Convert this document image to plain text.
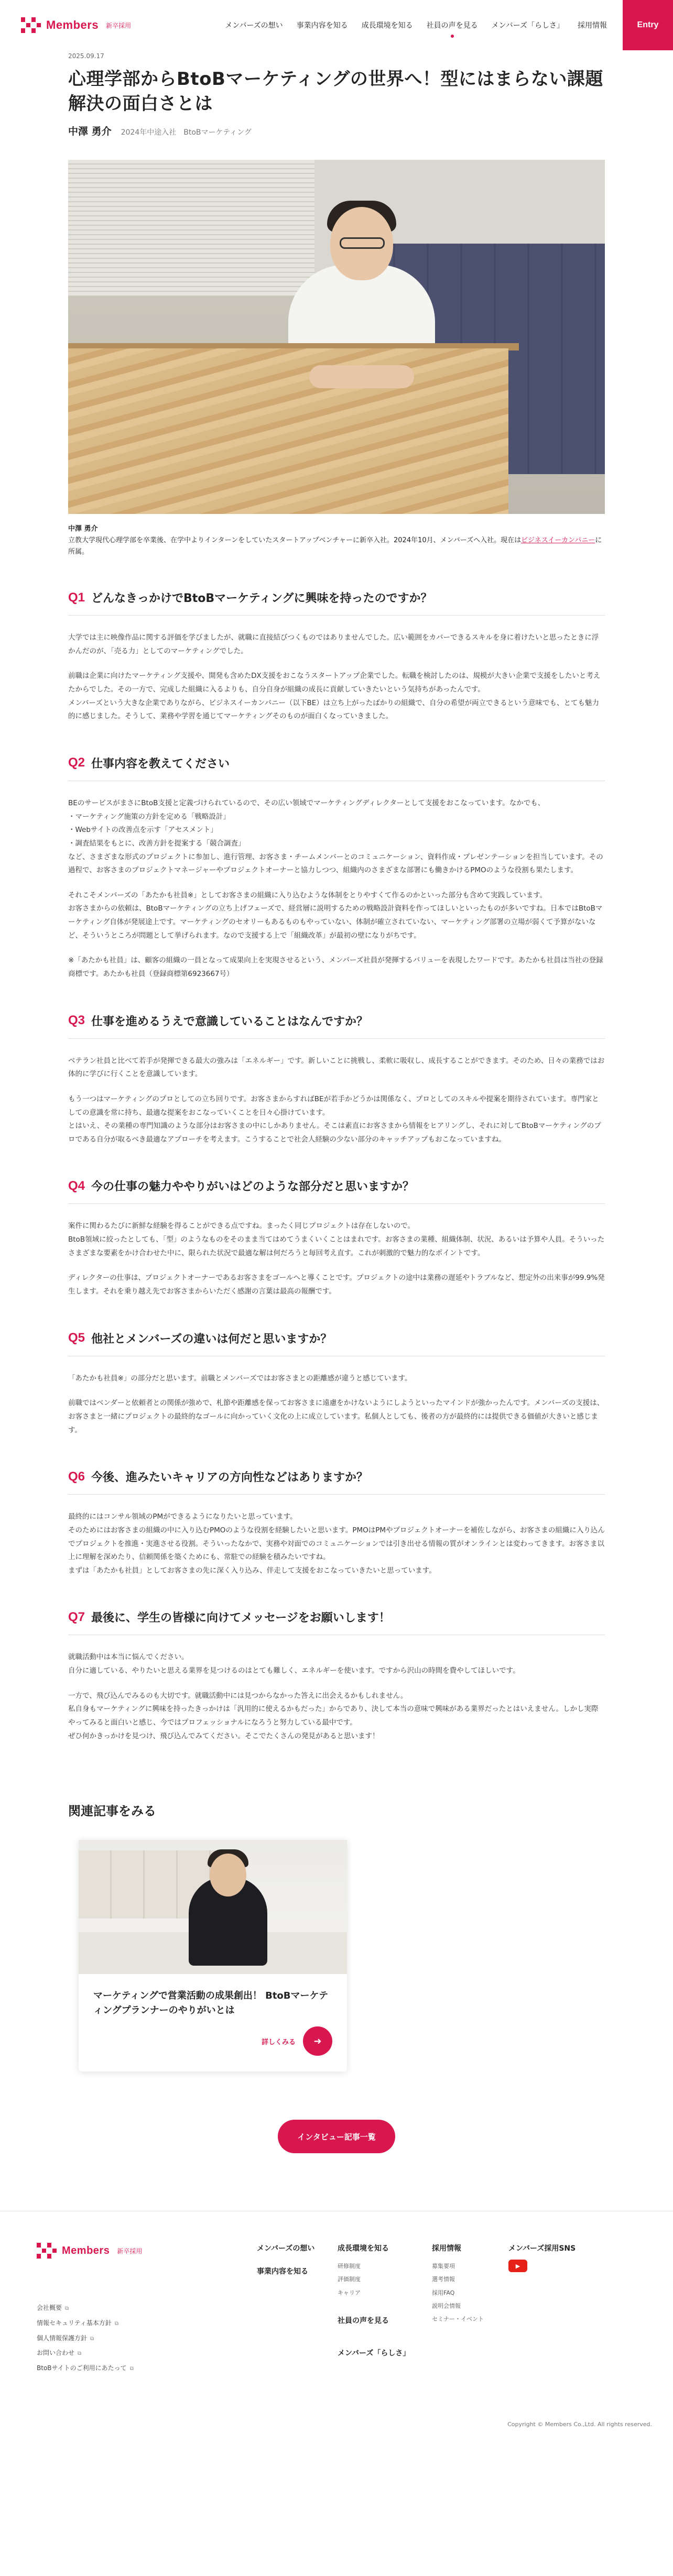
Members 新卒採用	メンバーズの想い 事業内容を知る 成長環境を知る 社員の声を見る メンバーズ「らしさ」 採用情報	Entry
2025.09.17
心理学部からBtoBマーケティングの世界へ！型にはまらない課題解決の面白さとは
中澤 勇介 2024年中途入社　BtoBマーケティング
中澤 勇介
立教大学現代心理学部を卒業後、在学中よりインターンをしていたスタートアップベンチャーに新卒入社。2024年10月、メンバーズへ入社。現在はビジネスイーカンパニーに所属。
Q1 どんなきっかけでBtoBマーケティングに興味を持ったのですか？

大学では主に映像作品に関する評価を学びましたが、就職に直接結びつくものではありませんでした。広い範囲をカバーできるスキルを身に着けたいと思ったときに浮かんだのが、「売る力」としてのマーケティングでした。

前職は企業に向けたマーケティング支援や、開発も含めたDX支援をおこなうスタートアップ企業でした。転職を検討したのは、規模が大きい企業で支援をしたいと考えたからでした。その一方で、完成した組織に入るよりも、自分自身が組織の成長に貢献していきたいという気持ちがあったんです。
メンバーズという大きな企業でありながら、ビジネスイーカンパニー（以下BE）は立ち上がったばかりの組織で、自分の希望が両立できるという意味でも、とても魅力的に感じました。そうして、業務や学習を通じてマーケティングそのものが面白くなっていきました。

Q2 仕事内容を教えてください

BEのサービスがまさにBtoB支援と定義づけられているので、その広い領域でマーケティングディレクターとして支援をおこなっています。なかでも、
・マーケティング施策の方針を定める「戦略設計」
・Webサイトの改善点を示す「アセスメント」
・調査結果をもとに、改善方針を提案する「競合調査」
など、さまざまな形式のプロジェクトに参加し、進行管理、お客さま・チームメンバーとのコミュニケーション、資料作成・プレゼンテーションを担当しています。その過程で、お客さまのプロジェクトマネージャーやプロジェクトオーナーと協力しつつ、組織内のさまざまな部署にも働きかけるPMOのような役割も果たします。

それこそメンバーズの「あたかも社員※」としてお客さまの組織に入り込むような体制をとりやすくて作るのかといった部分も含めて実践しています。
お客さまからの依頼は、BtoBマーケティングの立ち上げフェーズで、経営層に説明するための戦略設計資料を作ってほしいといったものが多いですね。日本ではBtoBマーケティング自体が発展途上です。マーケティングのセオリーもあるものもやっていない、体制が確立されていない、マーケティング部署の立場が弱くて予算がないなど、そういうところが問題として挙げられます。なので支援する上で「組織改革」が最初の壁になりがちです。

※「あたかも社員」は、顧客の組織の一員となって成果向上を実現させるという、メンバーズ社員が発揮するバリューを表現したワードです。あたかも社員は当社の登録商標です。あたかも社員（登録商標第6923667号）

Q3 仕事を進めるうえで意識していることはなんですか？

ベテラン社員と比べて若手が発揮できる最大の強みは「エネルギー」です。新しいことに挑戦し、柔軟に吸収し、成長することができます。そのため、日々の業務ではお体的に学びに行くことを意識しています。

もう一つはマーケティングのプロとしての立ち回りです。お客さまからすればBEが若手かどうかは関係なく、プロとしてのスキルや提案を期待されています。専門家としての意識を常に持ち、最適な提案をおこなっていくことを日々心掛けています。
とはいえ、その業種の専門知識のような部分はお客さまの中にしかありません。そこは素直にお客さまから情報をヒアリングし、それに対してBtoBマーケティングのプロである自分が取るべき最適なアプローチを考えます。こうすることで社会人経験の少ない部分のキャッチアップもおこなっていますね。

Q4 今の仕事の魅力ややりがいはどのような部分だと思いますか？

案件に関わるたびに新鮮な経験を得ることができる点ですね。まったく同じプロジェクトは存在しないので。
BtoB領域に絞ったとしても、「型」のようなものをそのまま当てはめてうまくいくことはまれです。お客さまの業種、組織体制、状況、あるいは予算や人員。そういったさまざまな要素をかけ合わせた中に、限られた状況で最適な解は何だろうと毎回考え直す。これが刺激的で魅力的なポイントです。

ディレクターの仕事は、プロジェクトオーナーであるお客さまをゴールへと導くことです。プロジェクトの途中は業務の遅延やトラブルなど、想定外の出来事が99.9%発生します。それを乗り越え先でお客さまからいただく感謝の言葉は最高の報酬です。

Q5 他社とメンバーズの違いは何だと思いますか？

「あたかも社員※」の部分だと思います。前職とメンバーズではお客さまとの距離感が違うと感じています。

前職ではベンダーと依頼者との関係が強めで、札節や距離感を保ってお客さまに遠慮をかけないようにしようといったマインドが強かったんです。メンバーズの支援は、お客さまと一緒にプロジェクトの最終的なゴールに向かっていく文化の上に成立しています。私個人としても、後者の方が最終的には提供できる価値が大きいと感じます。

Q6 今後、進みたいキャリアの方向性などはありますか？

最終的にはコンサル領域のPMができるようになりたいと思っています。
そのためにはお客さまの組織の中に入り込むPMOのような役割を経験したいと思います。PMOはPMやプロジェクトオーナーを補佐しながら、お客さまの組織に入り込んでプロジェクトを推進・実進させる役割。そういったなかで、実務や対面でのコミュニケーションでは引き出せる情報の質がオンラインとは変わってきます。お客さま以上に理解を深めたり、信頼関係を築くためにも、常駐での経験を積みたいですね。
まずは「あたかも社員」としてお客さまの先に深く入り込み、伴走して支援をおこなっていきたいと思っています。

Q7 最後に、学生の皆様に向けてメッセージをお願いします！

就職活動中は本当に悩んでください。
自分に適している、やりたいと思える業界を見つけるのはとても難しく、エネルギーを使います。ですから沢山の時間を費やしてほしいです。

一方で、飛び込んでみるのも大切です。就職活動中には見つからなかった答えに出会えるかもしれません。
私自身もマーケティングに興味を持ったきっかけは「汎用的に使えるかもだった」からであり、決して本当の意味で興味がある業界だったとはいえません。しかし実際やってみると面白いと感じ、今ではプロフェッショナルになろうと努力している最中です。
ぜひ何かきっかけを見つけ、飛び込んでみてください。そこでたくさんの発見があると思います！

関連記事をみる
マーケティングで営業活動の成果創出！ BtoBマーケティングプランナーのやりがいとは
詳しくみる	➜
インタビュー記事一覧
Members 新卒採用
会社概要 ⧉
情報セキュリティ基本方針 ⧉
個人情報保護方針 ⧉
お問い合わせ ⧉
BtoBサイトのご利用にあたって ⧉
メンバーズの想い
事業内容を知る
成長環境を知る
研修制度
評価制度
キャリア
社員の声を見る
メンバーズ「らしさ」
採用情報
募集要項
選考情報
採用FAQ
説明会情報
セミナー・イベント
メンバーズ採用SNS
▶
Copyright © Members Co.,Ltd. All rights reserved.
